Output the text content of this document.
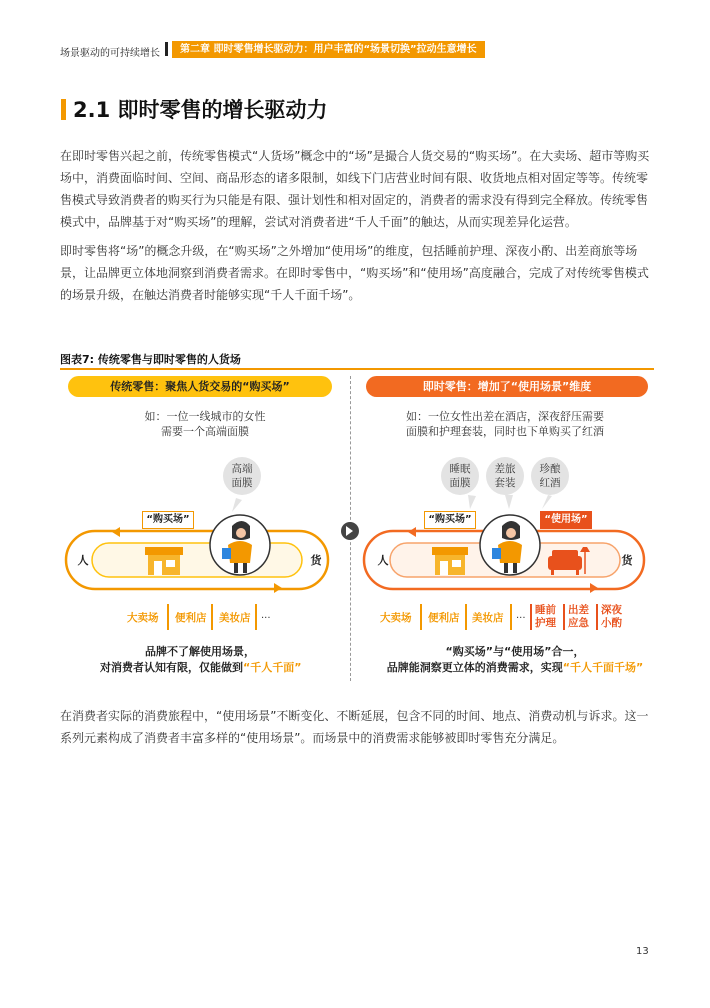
场景驱动的可持续增长	第二章 即时零售增长驱动力：用户丰富的“场景切换”拉动生意增长
2.1 即时零售的增长驱动力

在即时零售兴起之前，传统零售模式“人货场”概念中的“场”是撮合人货交易的“购买场”。在大卖场、超市等购买场中，消费面临时间、空间、商品形态的诸多限制，如线下门店营业时间有限、收货地点相对固定等等。传统零售模式导致消费者的购买行为只能是有限、强计划性和相对固定的，消费者的需求没有得到完全释放。传统零售模式中，品牌基于对“购买场”的理解，尝试对消费者进“千人千面”的触达，从而实现差异化运营。

即时零售将“场”的概念升级，在“购买场”之外增加“使用场”的维度，包括睡前护理、深夜小酌、出差商旅等场景，让品牌更立体地洞察到消费者需求。在即时零售中，“购买场”和“使用场”高度融合，完成了对传统零售模式的场景升级，在触达消费者时能够实现“千人千面千场”。

图表7: 传统零售与即时零售的人货场
传统零售：聚焦人货交易的“购买场”	即时零售：增加了“使用场景”维度
如：一位一线城市的女性
需要一个高端面膜
高端
面膜
“购买场”
人	货
大卖场 便利店 美妆店 ...
品牌不了解使用场景，
对消费者认知有限，仅能做到“千人千面”
如：一位女性出差在酒店，深夜舒压需要
面膜和护理套装，同时也下单购买了红酒
睡眠
面膜
差旅
套装
珍酿
红酒
“购买场”	“使用场”
人	货
大卖场 便利店 美妆店 ... 睡前
护理
出差
应急
深夜
小酌
“购买场”与“使用场”合一，
品牌能洞察更立体的消费需求，实现“千人千面千场”

在消费者实际的消费旅程中，“使用场景”不断变化、不断延展，包含不同的时间、地点、消费动机与诉求。这一系列元素构成了消费者丰富多样的“使用场景”。而场景中的消费需求能够被即时零售充分满足。

13
